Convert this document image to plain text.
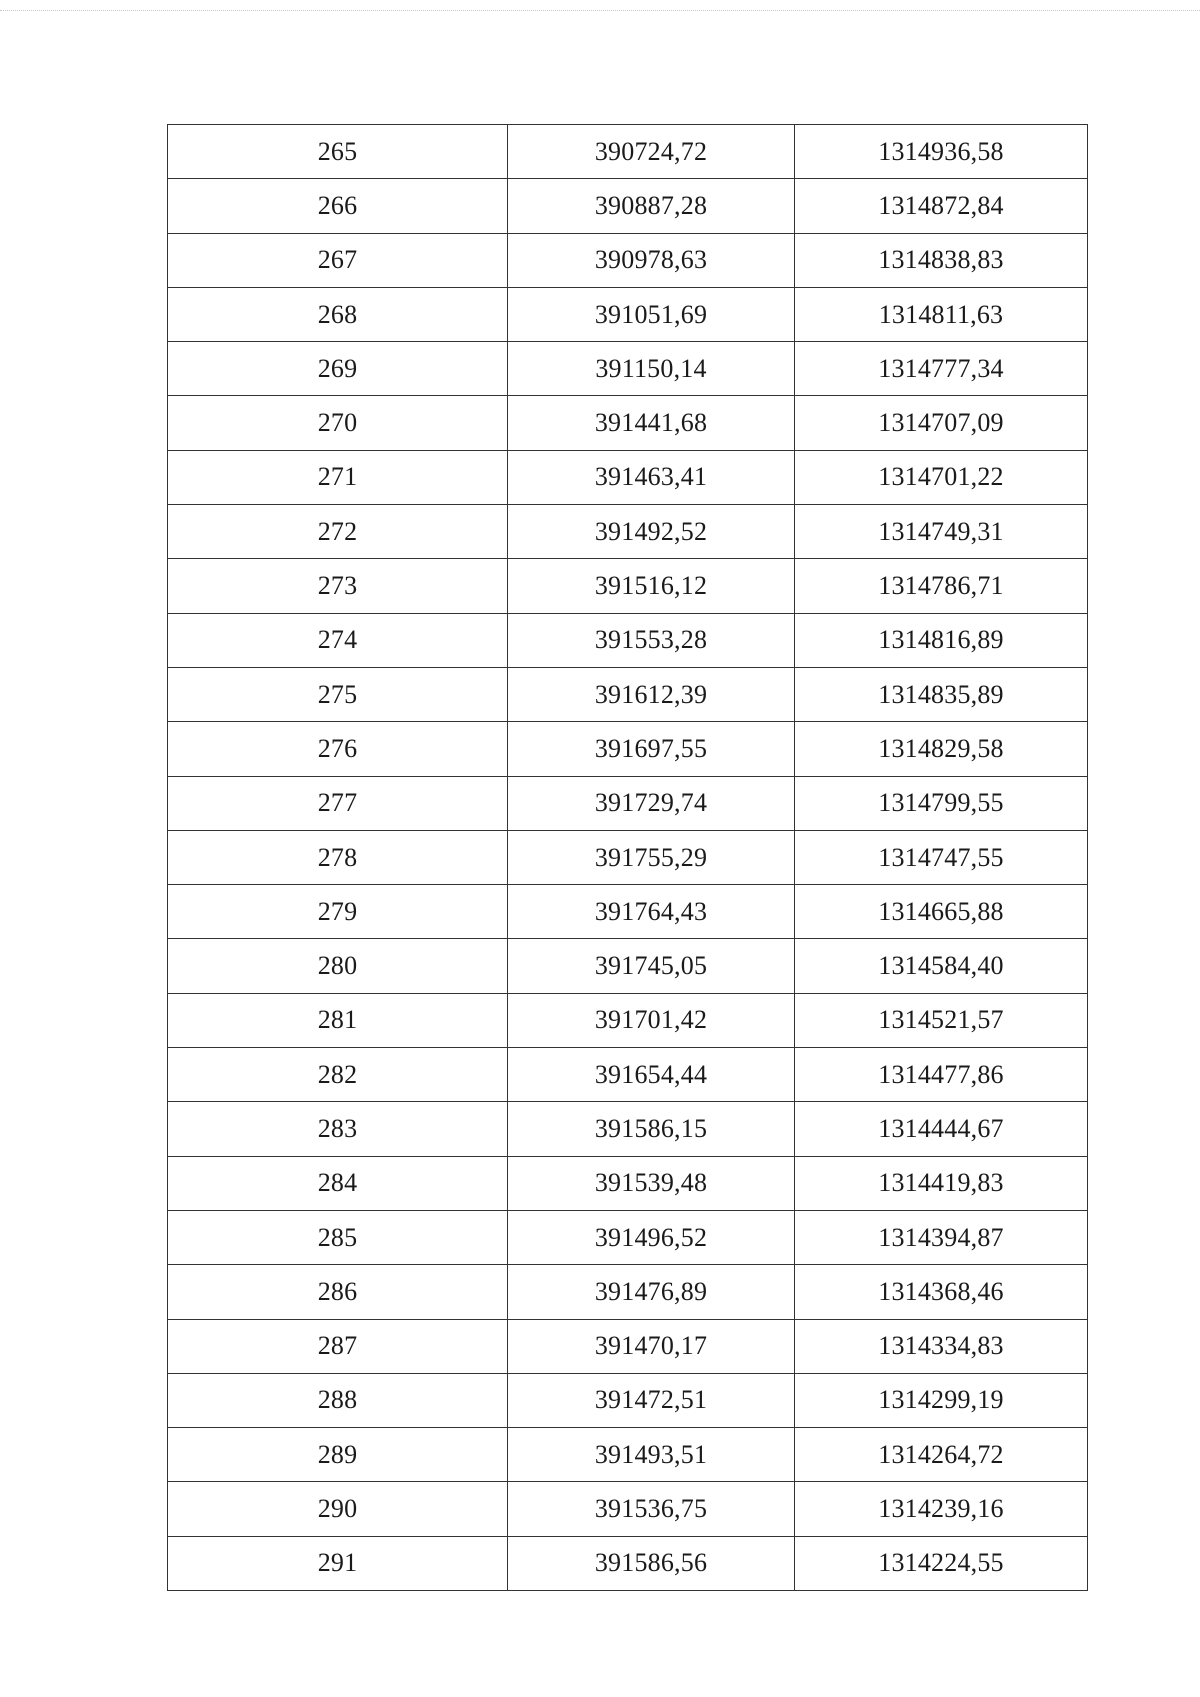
265	390724,72	1314936,58
266	390887,28	1314872,84
267	390978,63	1314838,83
268	391051,69	1314811,63
269	391150,14	1314777,34
270	391441,68	1314707,09
271	391463,41	1314701,22
272	391492,52	1314749,31
273	391516,12	1314786,71
274	391553,28	1314816,89
275	391612,39	1314835,89
276	391697,55	1314829,58
277	391729,74	1314799,55
278	391755,29	1314747,55
279	391764,43	1314665,88
280	391745,05	1314584,40
281	391701,42	1314521,57
282	391654,44	1314477,86
283	391586,15	1314444,67
284	391539,48	1314419,83
285	391496,52	1314394,87
286	391476,89	1314368,46
287	391470,17	1314334,83
288	391472,51	1314299,19
289	391493,51	1314264,72
290	391536,75	1314239,16
291	391586,56	1314224,55
